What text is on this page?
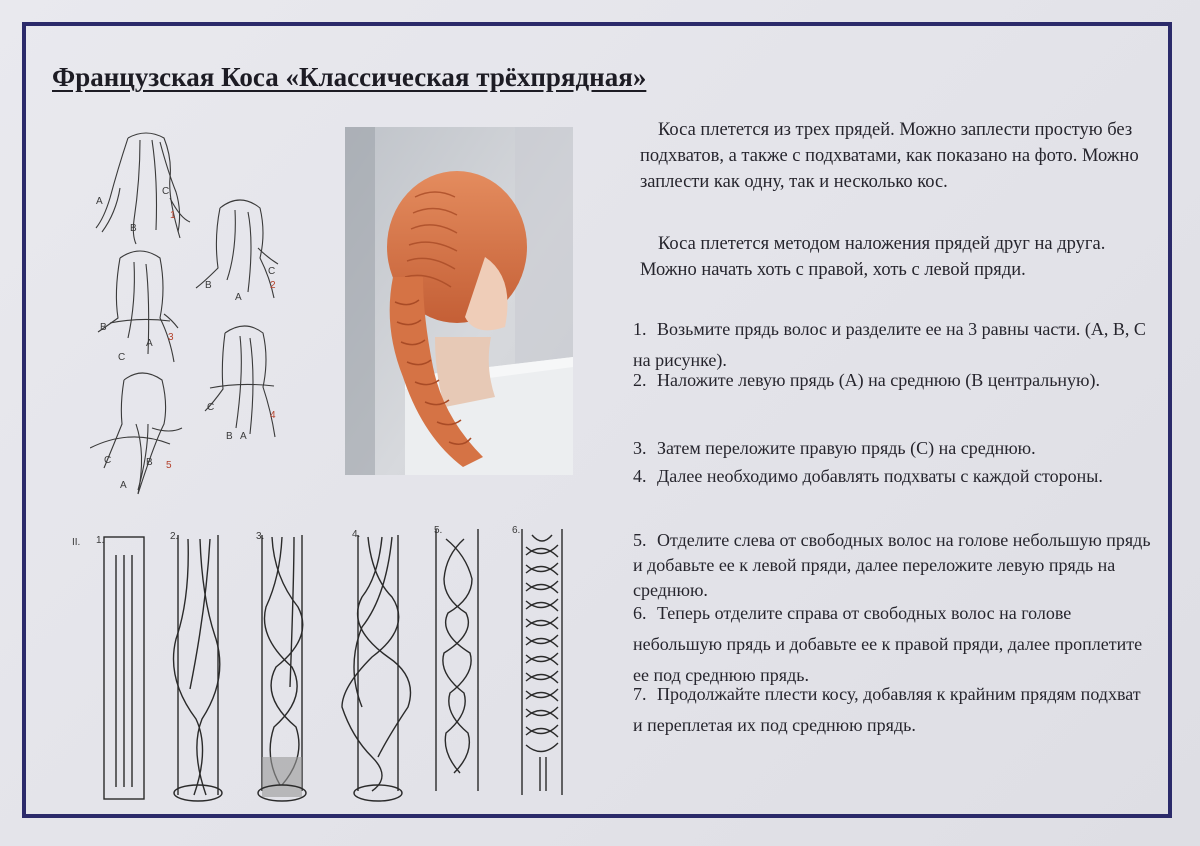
Французская Коса «Классическая трёхпрядная»
A
B
C
B
A
C
B
C
A
C
B A
C	B
A
1
2
3
4
5
Коса плетется из трех прядей. Можно заплести простую без подхватов, а также с подхватами, как показано на фото. Можно заплести как одну, так и несколько кос.
Коса плетется методом наложения прядей друг на друга. Можно начать хоть с правой, хоть с левой пряди.
1. Возьмите прядь волос и разделите ее на 3 равны части. (А, В, С на рисунке).
2. Наложите левую прядь (А) на среднюю (В центральную).
3. Затем переложите правую прядь (С) на среднюю.
4. Далее необходимо добавлять подхваты с каждой стороны.
5. Отделите слева от свободных волос на голове небольшую прядь и добавьте ее к левой пряди, далее переложите левую прядь на среднюю.
6. Теперь отделите справа от свободных волос на голове небольшую прядь и добавьте ее к правой пряди, далее проплетите ее под среднюю прядь.
7. Продолжайте плести косу, добавляя к крайним прядям подхват и переплетая их под среднюю прядь.
II. 1.	2.	3.	4.	5.	6.
